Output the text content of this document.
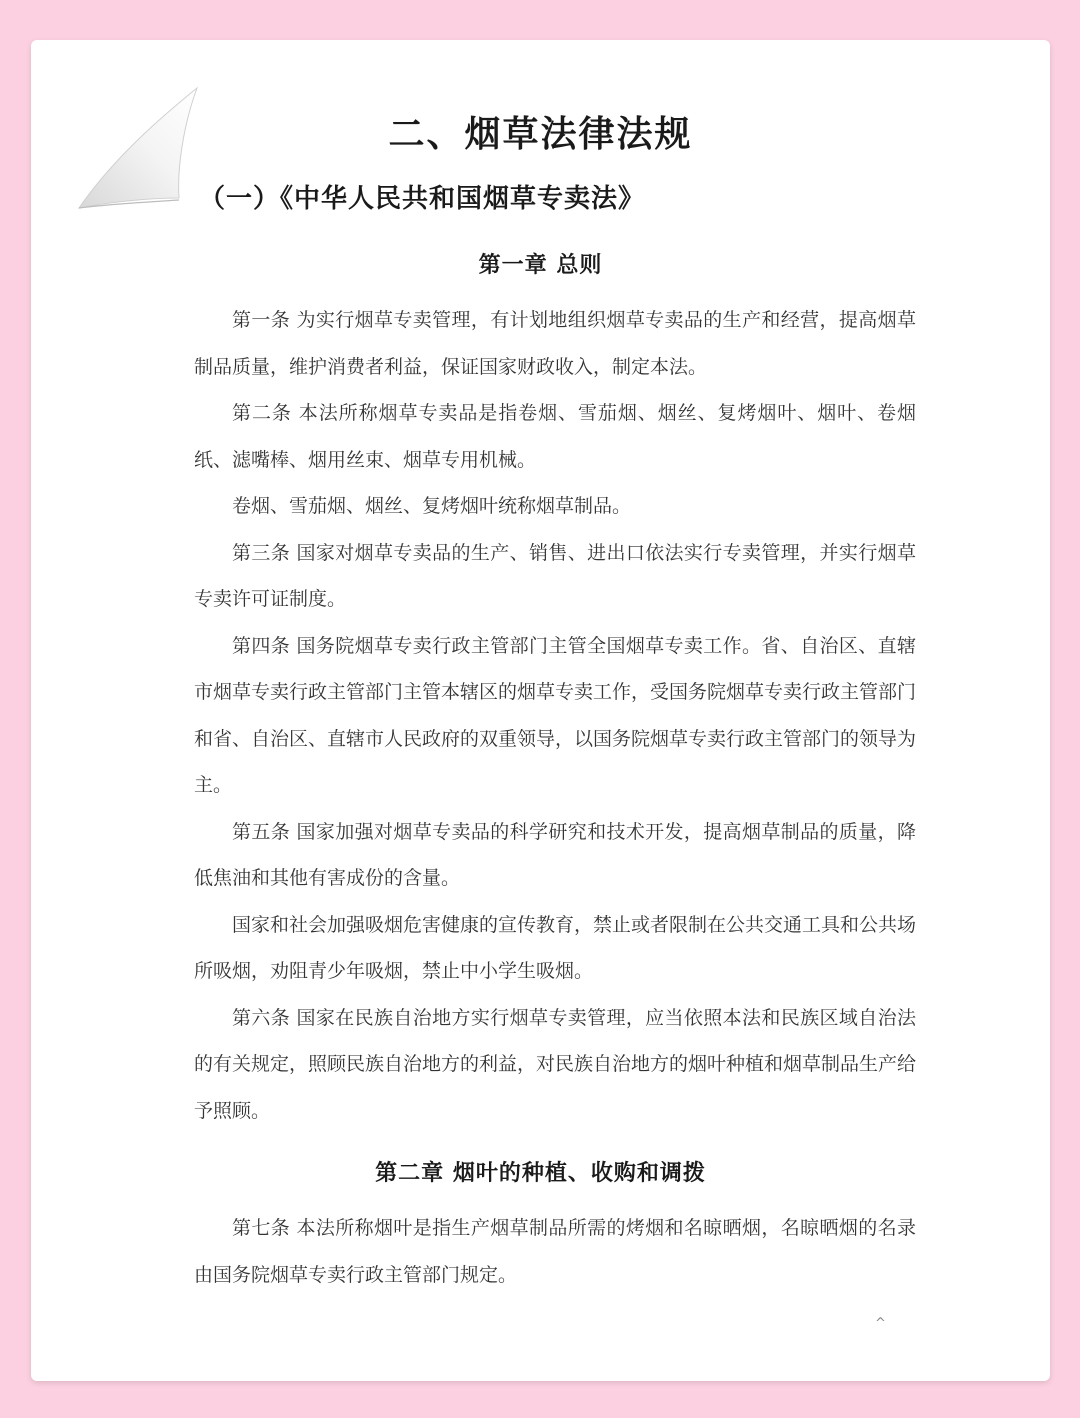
二、烟草法律法规
（一）《中华人民共和国烟草专卖法》
第一章 总则

第一条 为实行烟草专卖管理，有计划地组织烟草专卖品的生产和经营，提高烟草制品质量，维护消费者利益，保证国家财政收入，制定本法。

第二条 本法所称烟草专卖品是指卷烟、雪茄烟、烟丝、复烤烟叶、烟叶、卷烟纸、滤嘴棒、烟用丝束、烟草专用机械。

卷烟、雪茄烟、烟丝、复烤烟叶统称烟草制品。

第三条 国家对烟草专卖品的生产、销售、进出口依法实行专卖管理，并实行烟草专卖许可证制度。

第四条 国务院烟草专卖行政主管部门主管全国烟草专卖工作。省、自治区、直辖市烟草专卖行政主管部门主管本辖区的烟草专卖工作，受国务院烟草专卖行政主管部门和省、自治区、直辖市人民政府的双重领导，以国务院烟草专卖行政主管部门的领导为主。

第五条 国家加强对烟草专卖品的科学研究和技术开发，提高烟草制品的质量，降低焦油和其他有害成份的含量。

国家和社会加强吸烟危害健康的宣传教育，禁止或者限制在公共交通工具和公共场所吸烟，劝阻青少年吸烟，禁止中小学生吸烟。

第六条 国家在民族自治地方实行烟草专卖管理，应当依照本法和民族区域自治法的有关规定，照顾民族自治地方的利益，对民族自治地方的烟叶种植和烟草制品生产给予照顾。

第二章 烟叶的种植、收购和调拨

第七条 本法所称烟叶是指生产烟草制品所需的烤烟和名晾晒烟，名晾晒烟的名录由国务院烟草专卖行政主管部门规定。

^
